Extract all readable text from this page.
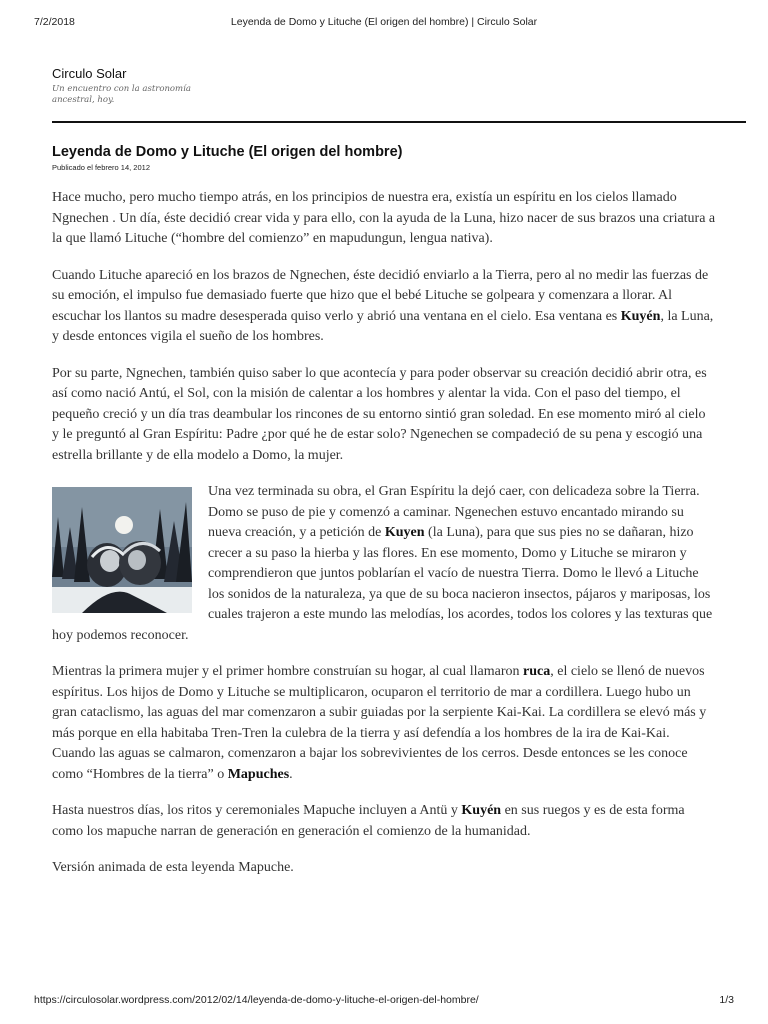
7/2/2018	Leyenda de Domo y Lituche (El origen del hombre) | Circulo Solar
Circulo Solar
Un encuentro con la astronomía ancestral, hoy.
Leyenda de Domo y Lituche (El origen del hombre)
Publicado el febrero 14, 2012

Hace mucho, pero mucho tiempo atrás, en los principios de nuestra era, existía un espíritu en los cielos llamado Ngnechen . Un día, éste decidió crear vida y para ello, con la ayuda de la Luna, hizo nacer de sus brazos una criatura a la que llamó Lituche (“hombre del comienzo” en mapudungun, lengua nativa).

Cuando Lituche apareció en los brazos de Ngnechen, éste decidió enviarlo a la Tierra, pero al no medir las fuerzas de su emoción, el impulso fue demasiado fuerte que hizo que el bebé Lituche se golpeara y comenzara a llorar. Al escuchar los llantos su madre desesperada quiso verlo y abrió una ventana en el cielo. Esa ventana es Kuyén, la Luna, y desde entonces vigila el sueño de los hombres.

Por su parte, Ngnechen, también quiso saber lo que acontecía y para poder observar su creación decidió abrir otra, es así como nació Antú, el Sol, con la misión de calentar a los hombres y alentar la vida. Con el paso del tiempo, el pequeño creció y un día tras deambular los rincones de su entorno sintió gran soledad. En ese momento miró al cielo y le preguntó al Gran Espíritu: Padre ¿por qué he de estar solo? Ngenechen se compadeció de su pena y escogió una estrella brillante y de ella modelo a Domo, la mujer.

Una vez terminada su obra, el Gran Espíritu la dejó caer, con delicadeza sobre la Tierra. Domo se puso de pie y comenzó a caminar. Ngenechen estuvo encantado mirando su nueva creación, y a petición de Kuyen (la Luna), para que sus pies no se dañaran, hizo crecer a su paso la hierba y las flores. En ese momento, Domo y Lituche se miraron y comprendieron que juntos poblarían el vacío de nuestra Tierra. Domo le llevó a Lituche los sonidos de la naturaleza, ya que de su boca nacieron insectos, pájaros y mariposas, los cuales trajeron a este mundo las melodías, los acordes, todos los colores y las texturas que hoy podemos reconocer.

Mientras la primera mujer y el primer hombre construían su hogar, al cual llamaron ruca, el cielo se llenó de nuevos espíritus. Los hijos de Domo y Lituche se multiplicaron, ocuparon el territorio de mar a cordillera. Luego hubo un gran cataclismo, las aguas del mar comenzaron a subir guiadas por la serpiente Kai-Kai. La cordillera se elevó más y más porque en ella habitaba Tren-Tren la culebra de la tierra y así defendía a los hombres de la ira de Kai-Kai. Cuando las aguas se calmaron, comenzaron a bajar los sobrevivientes de los cerros. Desde entonces se les conoce como “Hombres de la tierra” o Mapuches.

Hasta nuestros días, los ritos y ceremoniales Mapuche incluyen a Antü y Kuyén en sus ruegos y es de esta forma como los mapuche narran de generación en generación el comienzo de la humanidad.

Versión animada de esta leyenda Mapuche.

https://circulosolar.wordpress.com/2012/02/14/leyenda-de-domo-y-lituche-el-origen-del-hombre/	1/3
